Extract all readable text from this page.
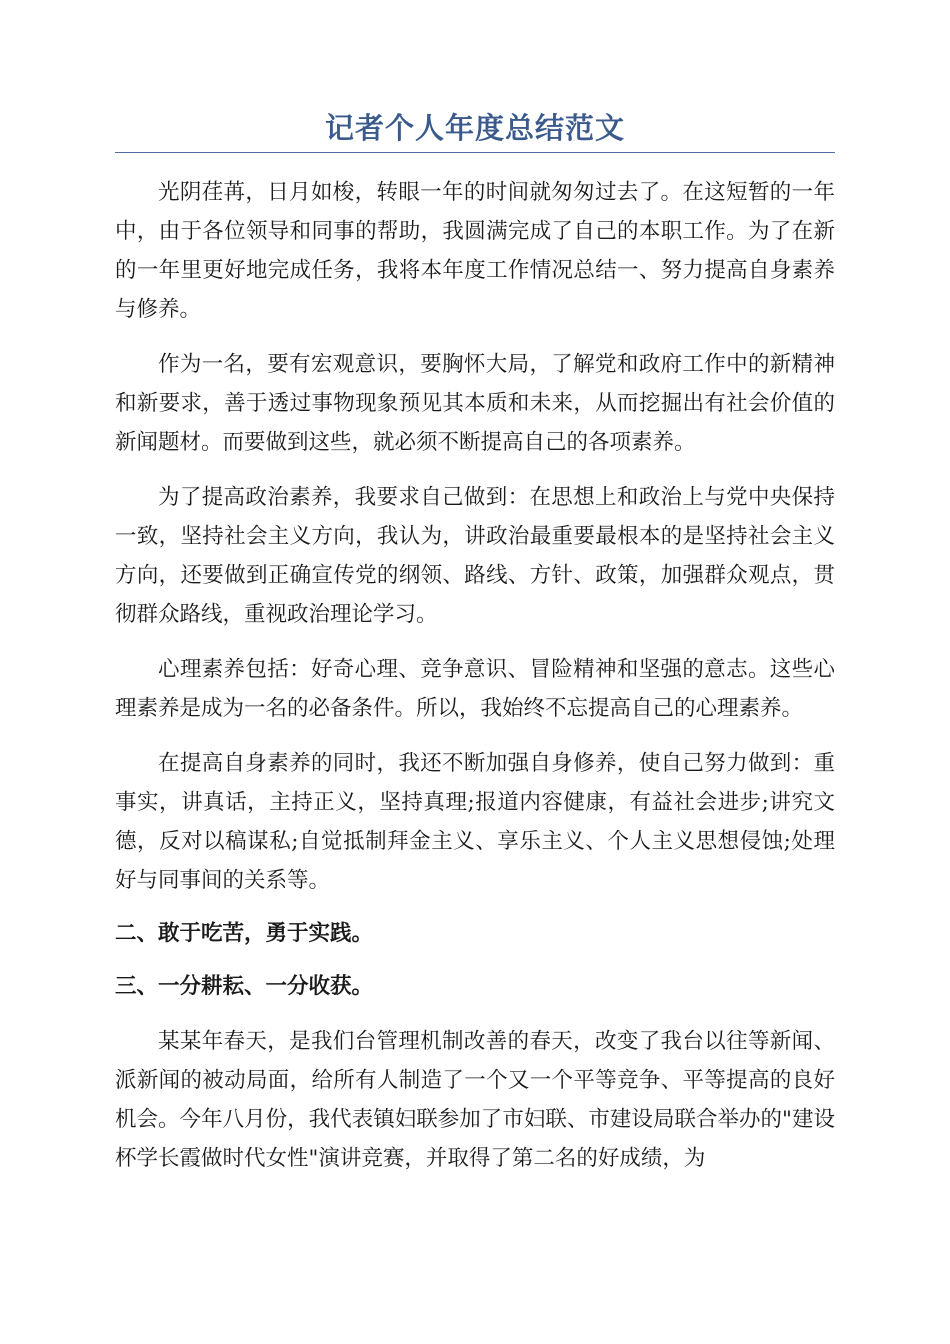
记者个人年度总结范文

光阴荏苒，日月如梭，转眼一年的时间就匆匆过去了。在这短暂的一年中，由于各位领导和同事的帮助，我圆满完成了自己的本职工作。为了在新的一年里更好地完成任务，我将本年度工作情况总结一、努力提高自身素养与修养。

作为一名，要有宏观意识，要胸怀大局，了解党和政府工作中的新精神和新要求，善于透过事物现象预见其本质和未来，从而挖掘出有社会价值的新闻题材。而要做到这些，就必须不断提高自己的各项素养。

为了提高政治素养，我要求自己做到：在思想上和政治上与党中央保持一致，坚持社会主义方向，我认为，讲政治最重要最根本的是坚持社会主义方向，还要做到正确宣传党的纲领、路线、方针、政策，加强群众观点，贯彻群众路线，重视政治理论学习。

心理素养包括：好奇心理、竞争意识、冒险精神和坚强的意志。这些心理素养是成为一名的必备条件。所以，我始终不忘提高自己的心理素养。

在提高自身素养的同时，我还不断加强自身修养，使自己努力做到：重事实，讲真话，主持正义，坚持真理;报道内容健康，有益社会进步;讲究文德，反对以稿谋私;自觉抵制拜金主义、享乐主义、个人主义思想侵蚀;处理好与同事间的关系等。

二、敢于吃苦，勇于实践。

三、一分耕耘、一分收获。

某某年春天，是我们台管理机制改善的春天，改变了我台以往等新闻、派新闻的被动局面，给所有人制造了一个又一个平等竞争、平等提高的良好机会。今年八月份，我代表镇妇联参加了市妇联、市建设局联合举办的"建设杯学长霞做时代女性"演讲竞赛，并取得了第二名的好成绩，为
